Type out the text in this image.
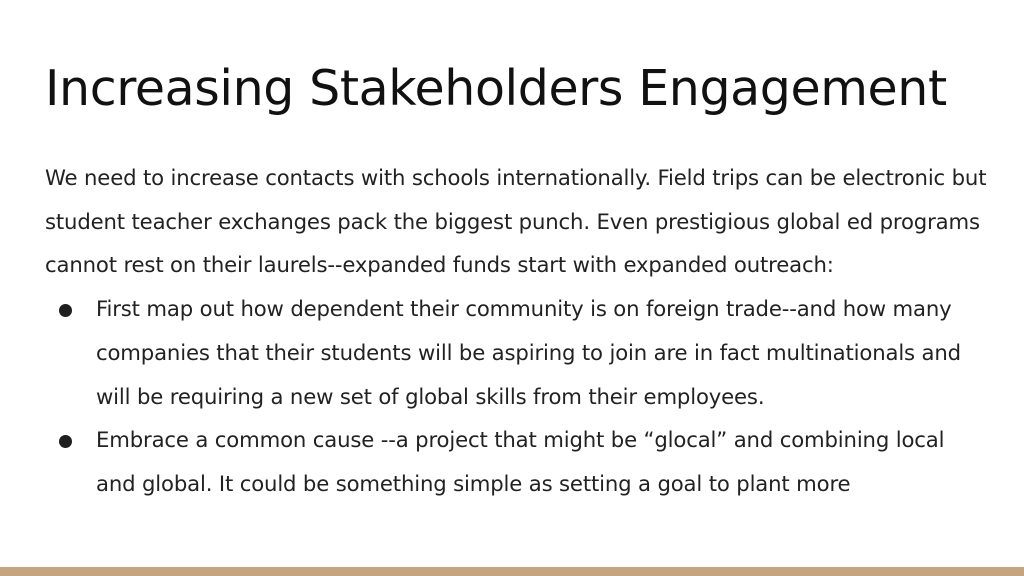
Increasing Stakeholders Engagement

We need to increase contacts with schools internationally. Field trips can be electronic but student teacher exchanges pack the biggest punch. Even prestigious global ed programs cannot rest on their laurels--expanded funds start with expanded outreach:

First map out how dependent their community is on foreign trade--and how many companies that their students will be aspiring to join are in fact multinationals and will be requiring a new set of global skills from their employees.
Embrace a common cause --a project that might be “glocal” and combining local and global. It could be something simple as setting a goal to plant more
